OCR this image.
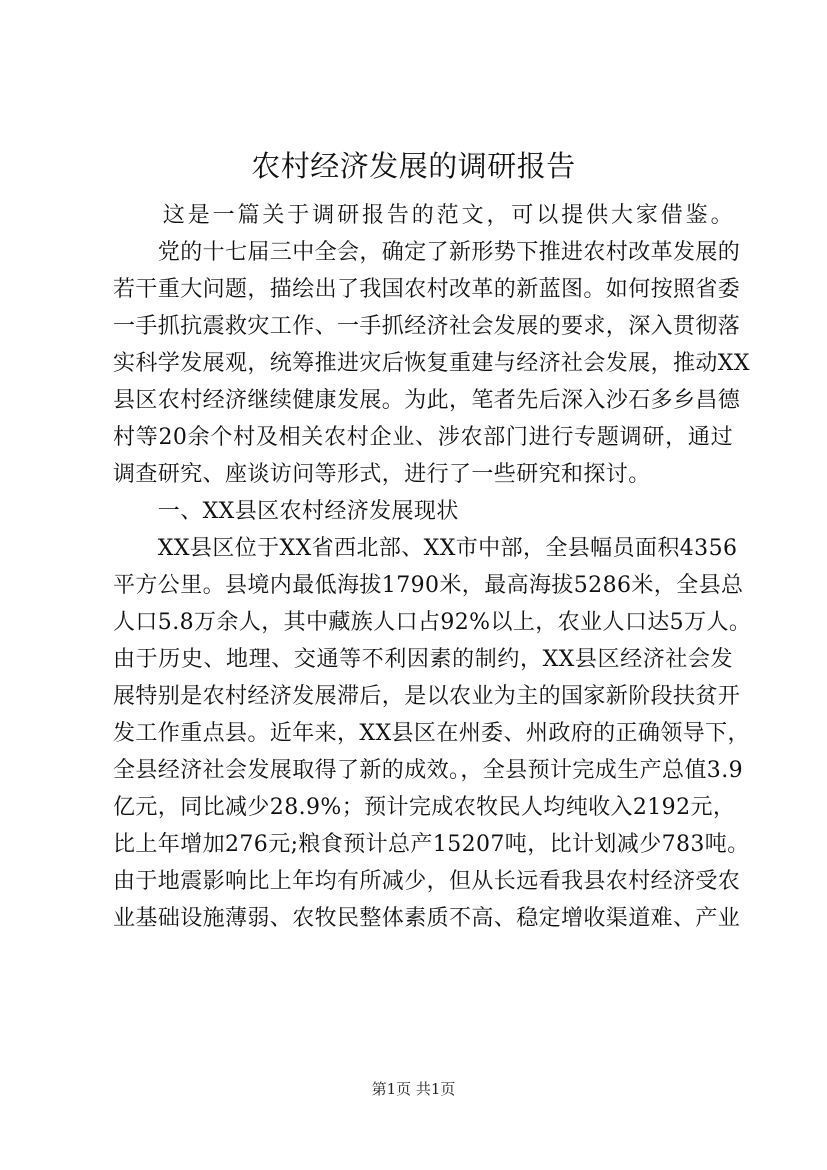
农村经济发展的调研报告
　　这是一篇关于调研报告的范文，可以提供大家借鉴。
　　党的十七届三中全会，确定了新形势下推进农村改革发展的
若干重大问题，描绘出了我国农村改革的新蓝图。如何按照省委
一手抓抗震救灾工作、一手抓经济社会发展的要求，深入贯彻落
实科学发展观，统筹推进灾后恢复重建与经济社会发展，推动XX
县区农村经济继续健康发展。为此，笔者先后深入沙石多乡昌德
村等20余个村及相关农村企业、涉农部门进行专题调研，通过
调查研究、座谈访问等形式，进行了一些研究和探讨。
　　一、XX县区农村经济发展现状
　　XX县区位于XX省西北部、XX市中部，全县幅员面积4356
平方公里。县境内最低海拔1790米，最高海拔5286米，全县总
人口5.8万余人，其中藏族人口占92%以上，农业人口达5万人。
由于历史、地理、交通等不利因素的制约，XX县区经济社会发
展特别是农村经济发展滞后，是以农业为主的国家新阶段扶贫开
发工作重点县。近年来，XX县区在州委、州政府的正确领导下，
全县经济社会发展取得了新的成效。，全县预计完成生产总值3.9
亿元，同比减少28.9%；预计完成农牧民人均纯收入2192元，
比上年增加276元;粮食预计总产15207吨，比计划减少783吨。
由于地震影响比上年均有所减少，但从长远看我县农村经济受农
业基础设施薄弱、农牧民整体素质不高、稳定增收渠道难、产业
第1页 共1页
